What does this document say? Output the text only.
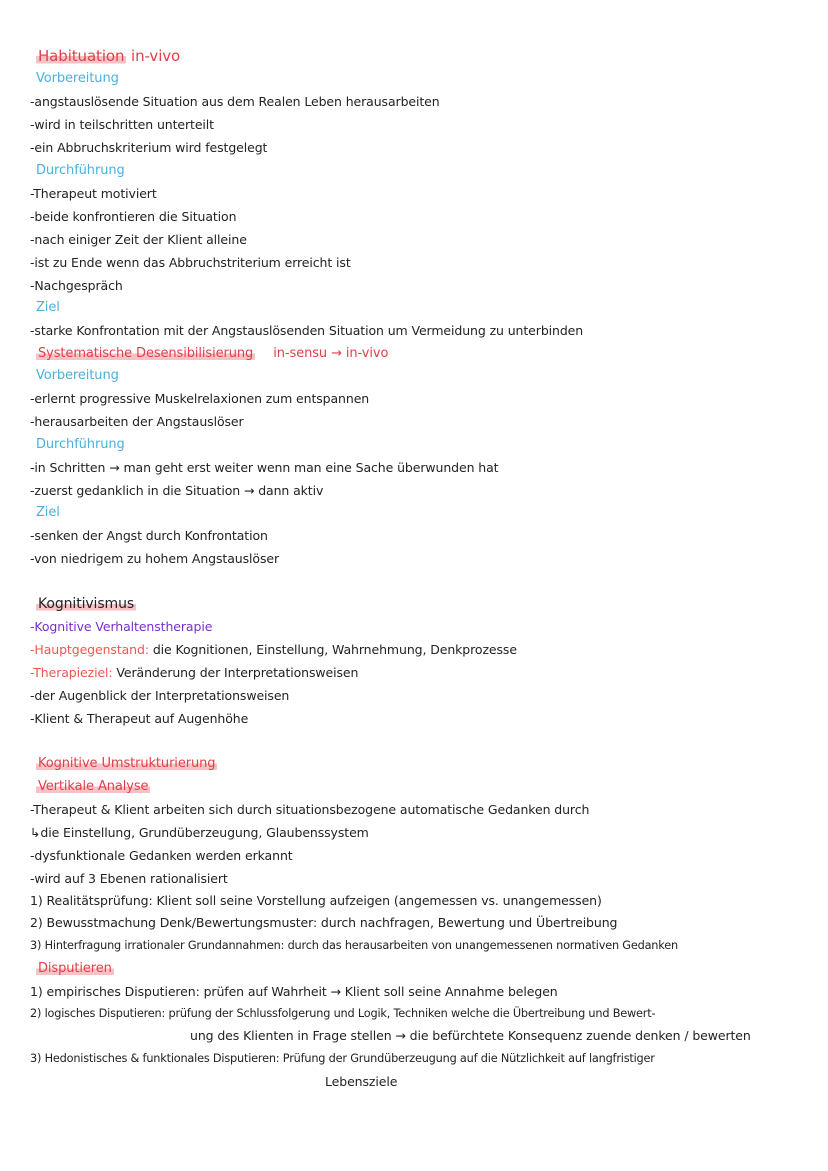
Habituation in-vivo
Vorbereitung
-angstauslösende Situation aus dem Realen Leben herausarbeiten
-wird in teilschritten unterteilt
-ein Abbruchskriterium wird festgelegt
Durchführung
-Therapeut motiviert
-beide konfrontieren die Situation
-nach einiger Zeit der Klient alleine
-ist zu Ende wenn das Abbruchstriterium erreicht ist
-Nachgespräch
Ziel
-starke Konfrontation mit der Angstauslösenden Situation um Vermeidung zu unterbinden
Systematische Desensibilisierung in-sensu → in-vivo
Vorbereitung
-erlernt progressive Muskelrelaxionen zum entspannen
-herausarbeiten der Angstauslöser
Durchführung
-in Schritten → man geht erst weiter wenn man eine Sache überwunden hat
-zuerst gedanklich in die Situation → dann aktiv
Ziel
-senken der Angst durch Konfrontation
-von niedrigem zu hohem Angstauslöser
Kognitivismus
-Kognitive Verhaltenstherapie
-Hauptgegenstand: die Kognitionen, Einstellung, Wahrnehmung, Denkprozesse
-Therapieziel: Veränderung der Interpretationsweisen
-der Augenblick der Interpretationsweisen
-Klient & Therapeut auf Augenhöhe
Kognitive Umstrukturierung
Vertikale Analyse
-Therapeut & Klient arbeiten sich durch situationsbezogene automatische Gedanken durch
↳die Einstellung, Grundüberzeugung, Glaubenssystem
-dysfunktionale Gedanken werden erkannt
-wird auf 3 Ebenen rationalisiert
1) Realitätsprüfung: Klient soll seine Vorstellung aufzeigen (angemessen vs. unangemessen)
2) Bewusstmachung Denk/Bewertungsmuster: durch nachfragen, Bewertung und Übertreibung
3) Hinterfragung irrationaler Grundannahmen: durch das herausarbeiten von unangemessenen normativen Gedanken
Disputieren
1) empirisches Disputieren: prüfen auf Wahrheit → Klient soll seine Annahme belegen
2) logisches Disputieren: prüfung der Schlussfolgerung und Logik, Techniken welche die Übertreibung und Bewert-
ung des Klienten in Frage stellen → die befürchtete Konsequenz zuende denken / bewerten
3) Hedonistisches & funktionales Disputieren: Prüfung der Grundüberzeugung auf die Nützlichkeit auf langfristiger
Lebensziele
